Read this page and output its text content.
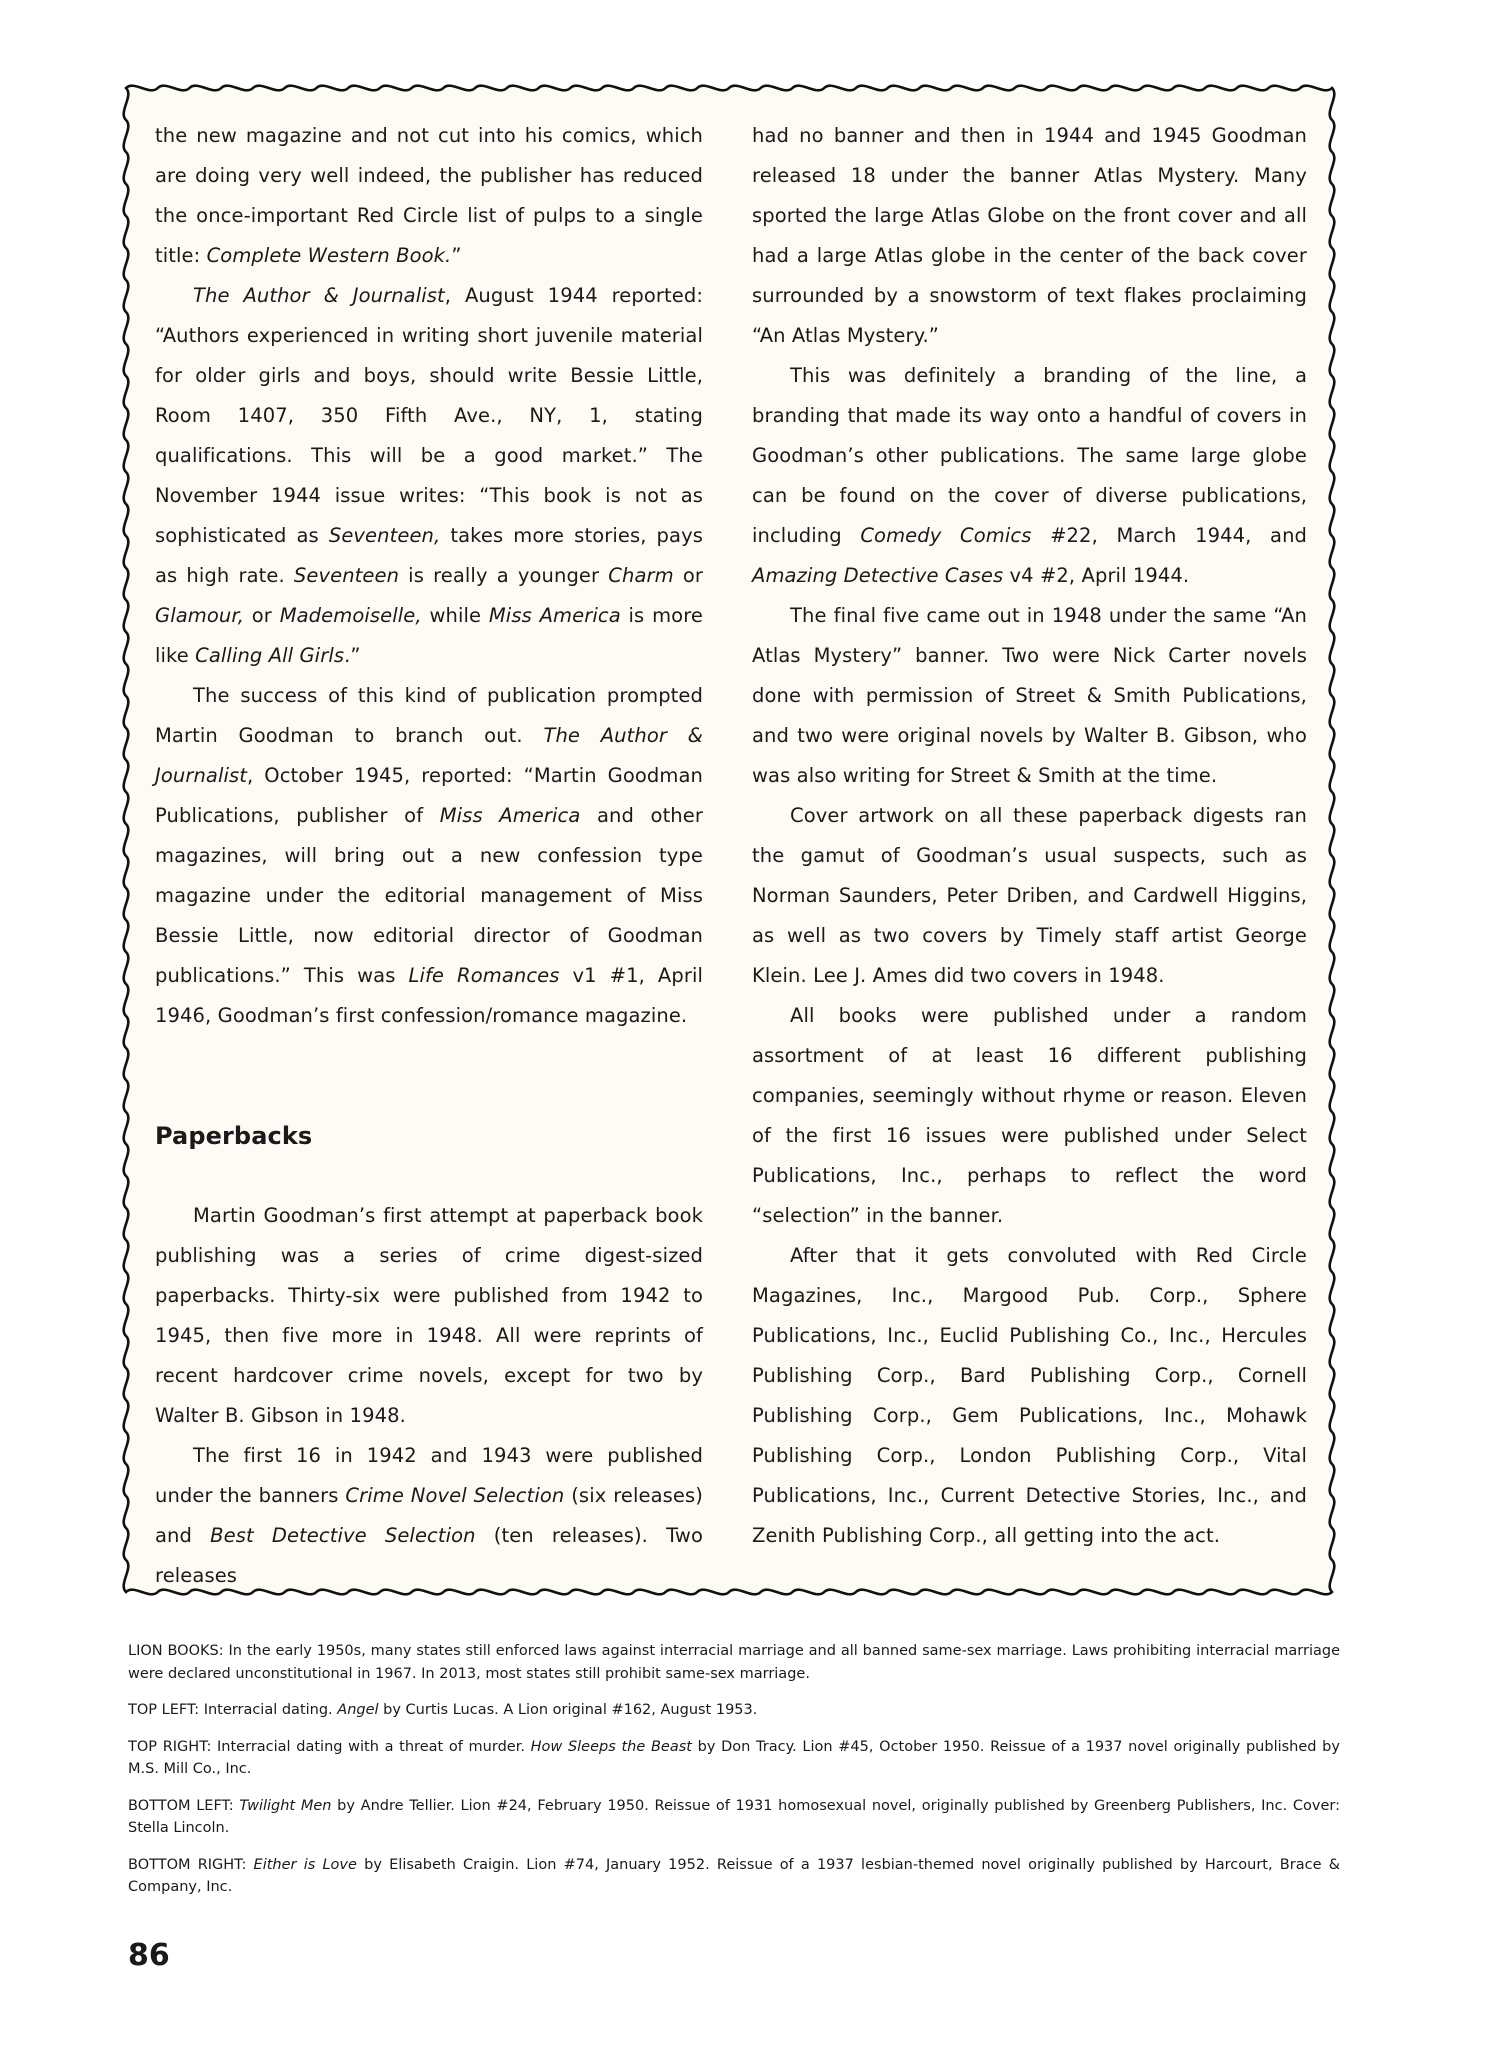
the new magazine and not cut into his comics, which are doing very well indeed, the publisher has reduced the once-important Red Circle list of pulps to a single title: Complete Western Book.”

The Author & Journalist, August 1944 reported: “Authors experienced in writing short juvenile material for older girls and boys, should write Bessie Little, Room 1407, 350 Fifth Ave., NY, 1, stating qualifications. This will be a good market.” The November 1944 issue writes: “This book is not as sophisticated as Seventeen, takes more stories, pays as high rate. Seventeen is really a younger Charm or Glamour, or Mademoiselle, while Miss America is more like Calling All Girls.”

The success of this kind of publication prompted Martin Goodman to branch out. The Author & Journalist, October 1945, reported: “Martin Goodman Publications, publisher of Miss America and other magazines, will bring out a new confession type magazine under the editorial management of Miss Bessie Little, now editorial director of Goodman publications.” This was Life Romances v1 #1, April 1946, Goodman’s first confession/romance magazine.

Paperbacks

Martin Goodman’s first attempt at paperback book publishing was a series of crime digest-sized paperbacks. Thirty-six were published from 1942 to 1945, then five more in 1948. All were reprints of recent hardcover crime novels, except for two by Walter B. Gibson in 1948.

The first 16 in 1942 and 1943 were published under the banners Crime Novel Selection (six releases) and Best Detective Selection (ten releases). Two releases

had no banner and then in 1944 and 1945 Goodman released 18 under the banner Atlas Mystery. Many sported the large Atlas Globe on the front cover and all had a large Atlas globe in the center of the back cover surrounded by a snowstorm of text flakes proclaiming “An Atlas Mystery.”

This was definitely a branding of the line, a branding that made its way onto a handful of covers in Goodman’s other publications. The same large globe can be found on the cover of diverse publications, including Comedy Comics #22, March 1944, and Amazing Detective Cases v4 #2, April 1944.

The final five came out in 1948 under the same “An Atlas Mystery” banner. Two were Nick Carter novels done with permission of Street & Smith Publications, and two were original novels by Walter B. Gibson, who was also writing for Street & Smith at the time.

Cover artwork on all these paperback digests ran the gamut of Goodman’s usual suspects, such as Norman Saunders, Peter Driben, and Cardwell Higgins, as well as two covers by Timely staff artist George Klein. Lee J. Ames did two covers in 1948.

All books were published under a random assortment of at least 16 different publishing companies, seemingly without rhyme or reason. Eleven of the first 16 issues were published under Select Publications, Inc., perhaps to reflect the word “selection” in the banner.

After that it gets convoluted with Red Circle Magazines, Inc., Margood Pub. Corp., Sphere Publications, Inc., Euclid Publishing Co., Inc., Hercules Publishing Corp., Bard Publishing Corp., Cornell Publishing Corp., Gem Publications, Inc., Mohawk Publishing Corp., London Publishing Corp., Vital Publications, Inc., Current Detective Stories, Inc., and Zenith Publishing Corp., all getting into the act.

LION BOOKS: In the early 1950s, many states still enforced laws against interracial marriage and all banned same-sex marriage. Laws prohibiting interracial marriage were declared unconstitutional in 1967. In 2013, most states still prohibit same-sex marriage.

TOP LEFT: Interracial dating. Angel by Curtis Lucas. A Lion original #162, August 1953.

TOP RIGHT: Interracial dating with a threat of murder. How Sleeps the Beast by Don Tracy. Lion #45, October 1950. Reissue of a 1937 novel originally published by M.S. Mill Co., Inc.

BOTTOM LEFT: Twilight Men by Andre Tellier. Lion #24, February 1950. Reissue of 1931 homosexual novel, originally published by Greenberg Publishers, Inc. Cover: Stella Lincoln.

BOTTOM RIGHT: Either is Love by Elisabeth Craigin. Lion #74, January 1952. Reissue of a 1937 lesbian-themed novel originally published by Harcourt, Brace & Company, Inc.

86
